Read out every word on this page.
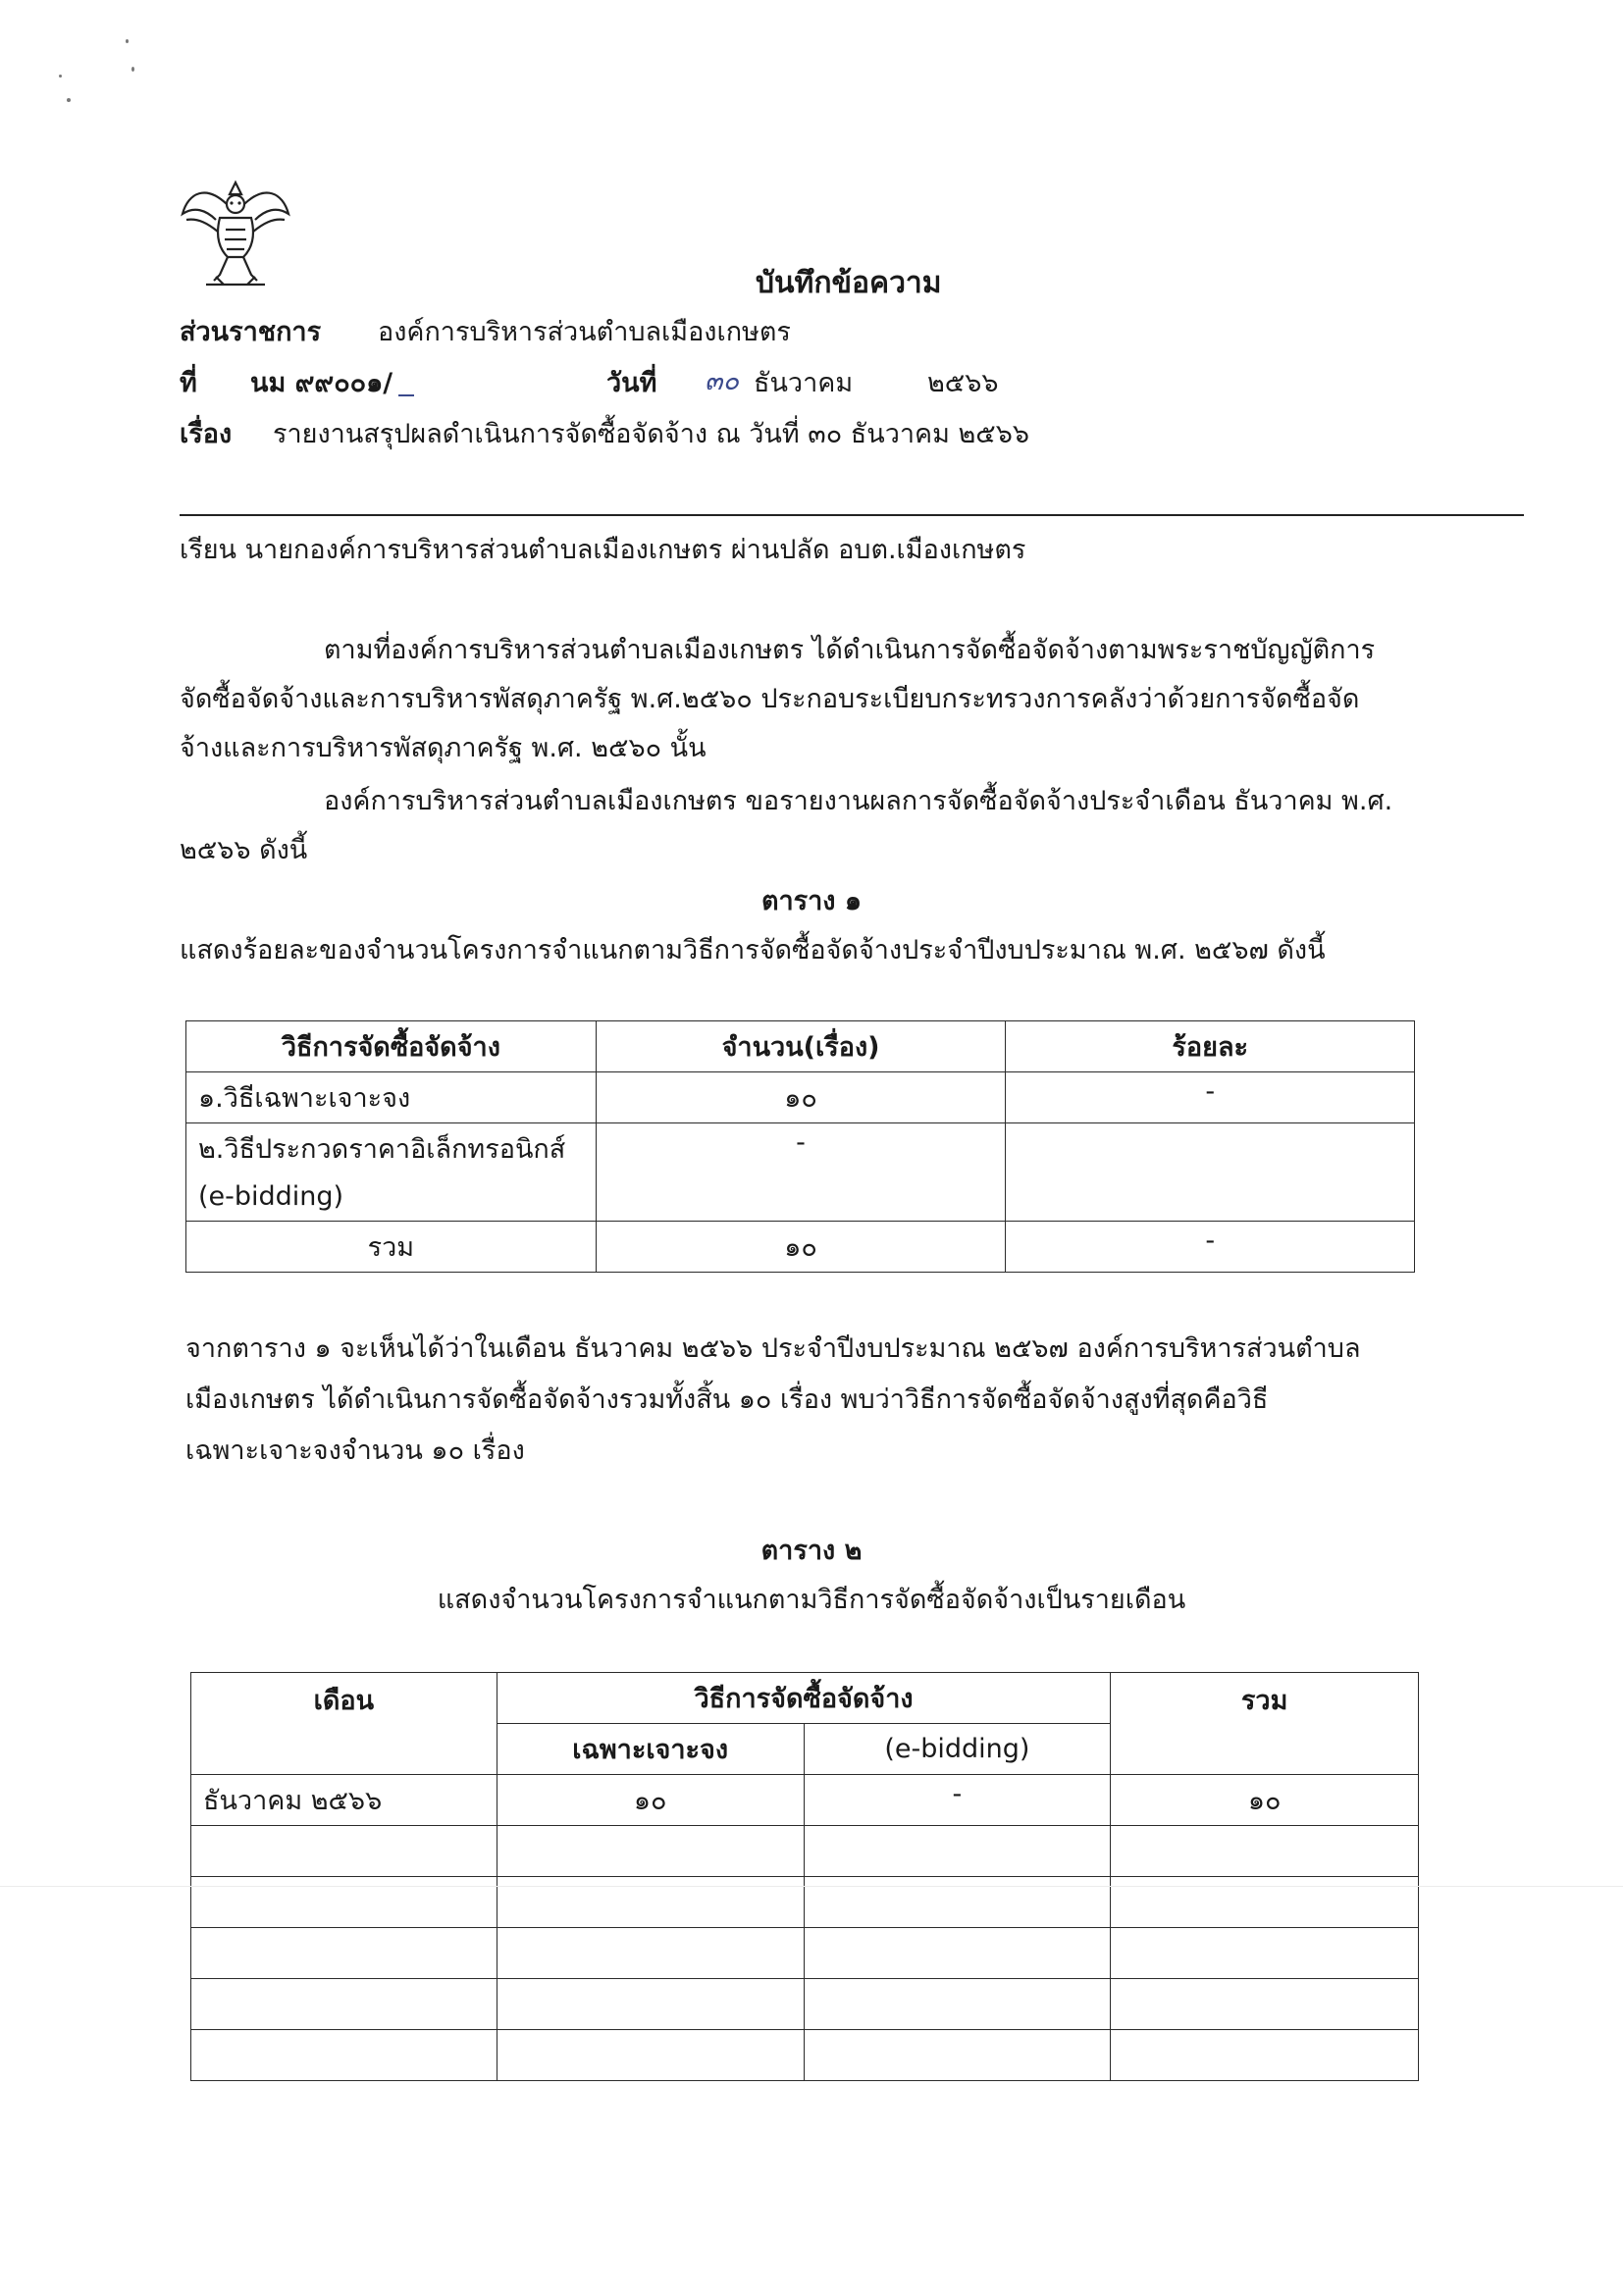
บันทึกข้อความ
ส่วนราชการ องค์การบริหารส่วนตำบลเมืองเกษตร
ที่ นม ๙๙๐๐๑/	วันที่ ๓๐ ธันวาคม	๒๕๖๖
เรื่อง รายงานสรุปผลดำเนินการจัดซื้อจัดจ้าง ณ วันที่ ๓๐ ธันวาคม ๒๕๖๖
เรียน นายกองค์การบริหารส่วนตำบลเมืองเกษตร ผ่านปลัด อบต.เมืองเกษตร
ตามที่องค์การบริหารส่วนตำบลเมืองเกษตร ได้ดำเนินการจัดซื้อจัดจ้างตามพระราชบัญญัติการ
จัดซื้อจัดจ้างและการบริหารพัสดุภาครัฐ พ.ศ.๒๕๖๐ ประกอบระเบียบกระทรวงการคลังว่าด้วยการจัดซื้อจัด
จ้างและการบริหารพัสดุภาครัฐ พ.ศ. ๒๕๖๐ นั้น
องค์การบริหารส่วนตำบลเมืองเกษตร ขอรายงานผลการจัดซื้อจัดจ้างประจำเดือน ธันวาคม พ.ศ.
๒๕๖๖ ดังนี้
ตาราง ๑
แสดงร้อยละของจำนวนโครงการจำแนกตามวิธีการจัดซื้อจัดจ้างประจำปีงบประมาณ พ.ศ. ๒๕๖๗ ดังนี้
วิธีการจัดซื้อจัดจ้าง	จำนวน(เรื่อง)	ร้อยละ
๑.วิธีเฉพาะเจาะจง	๑๐	-

๒.วิธีประกวดราคาอิเล็กทรอนิกส์
(e-bidding)	-	
รวม	๑๐	-
จากตาราง ๑ จะเห็นได้ว่าในเดือน ธันวาคม ๒๕๖๖ ประจำปีงบประมาณ ๒๕๖๗ องค์การบริหารส่วนตำบล
เมืองเกษตร ได้ดำเนินการจัดซื้อจัดจ้างรวมทั้งสิ้น ๑๐ เรื่อง พบว่าวิธีการจัดซื้อจัดจ้างสูงที่สุดคือวิธี
เฉพาะเจาะจงจำนวน ๑๐ เรื่อง
ตาราง ๒
แสดงจำนวนโครงการจำแนกตามวิธีการจัดซื้อจัดจ้างเป็นรายเดือน
เดือน	วิธีการจัดซื้อจัดจ้าง		รวม
	เฉพาะเจาะจง	(e-bidding)	
ธันวาคม ๒๕๖๖	๑๐	-	๑๐
